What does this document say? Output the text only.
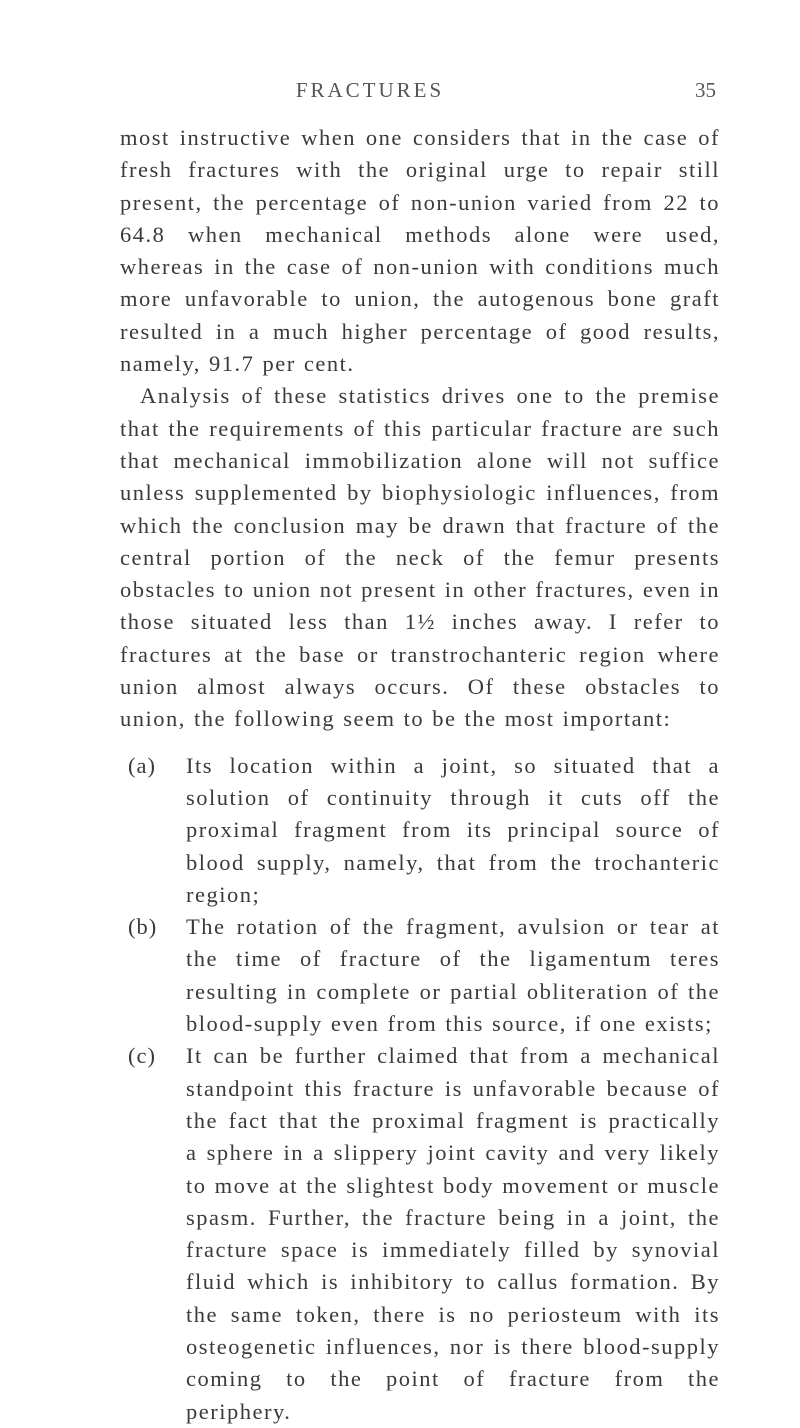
FRACTURES	35

most instructive when one considers that in the case of fresh fractures with the original urge to repair still present, the percentage of non-union varied from 22 to 64.8 when mechanical methods alone were used, whereas in the case of non-union with conditions much more unfavorable to union, the autogenous bone graft resulted in a much higher percentage of good results, namely, 91.7 per cent.

Analysis of these statistics drives one to the premise that the requirements of this particular fracture are such that mechanical immobilization alone will not suffice unless supplemented by biophysiologic influences, from which the conclusion may be drawn that fracture of the central portion of the neck of the femur presents obstacles to union not present in other fractures, even in those situated less than 1½ inches away. I refer to fractures at the base or transtrochanteric region where union almost always occurs. Of these obstacles to union, the following seem to be the most important:

(a) Its location within a joint, so situated that a solution of continuity through it cuts off the proximal fragment from its principal source of blood supply, namely, that from the trochanteric region;
(b) The rotation of the fragment, avulsion or tear at the time of fracture of the ligamentum teres resulting in complete or partial obliteration of the blood-supply even from this source, if one exists;
(c) It can be further claimed that from a mechanical standpoint this fracture is unfavorable because of the fact that the proximal fragment is practically a sphere in a slippery joint cavity and very likely to move at the slightest body movement or muscle spasm. Further, the fracture being in a joint, the fracture space is immediately filled by synovial fluid which is inhibitory to callus formation. By the same token, there is no periosteum with its osteogenetic influences, nor is there blood-supply coming to the point of fracture from the periphery.
